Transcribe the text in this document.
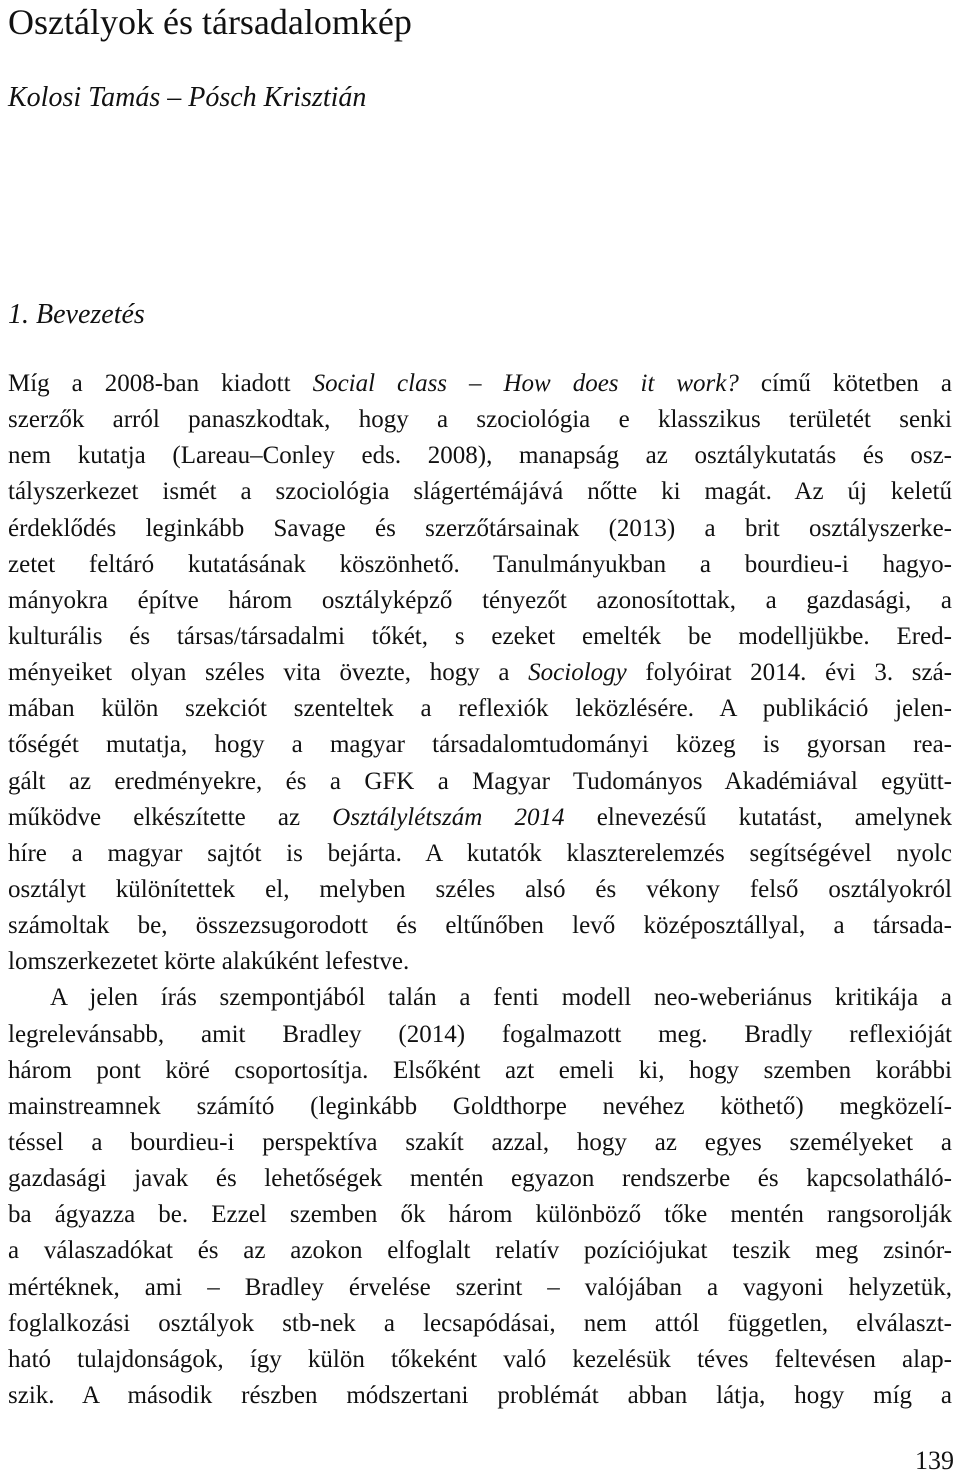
Osztályok és társadalomkép
Kolosi Tamás – Pósch Krisztián
1. Bevezetés
Míg a 2008-ban kiadott Social class – How does it work? című kötetben a
szerzők arról panaszkodtak, hogy a szociológia e klasszikus területét senki
nem kutatja (Lareau–Conley eds. 2008), manapság az osztálykutatás és osz-
tályszerkezet ismét a szociológia slágertémájává nőtte ki magát. Az új keletű
érdeklődés leginkább Savage és szerzőtársainak (2013) a brit osztályszerke-
zetet feltáró kutatásának köszönhető. Tanulmányukban a bourdieu-i hagyo-
mányokra építve három osztályképző tényezőt azonosítottak, a gazdasági, a
kulturális és társas/társadalmi tőkét, s ezeket emelték be modelljükbe. Ered-
ményeiket olyan széles vita övezte, hogy a Sociology folyóirat 2014. évi 3. szá-
mában külön szekciót szenteltek a reflexiók leközlésére. A publikáció jelen-
tőségét mutatja, hogy a magyar társadalomtudományi közeg is gyorsan rea-
gált az eredményekre, és a GFK a Magyar Tudományos Akadémiával együtt-
működve elkészítette az Osztálylétszám 2014 elnevezésű kutatást, amelynek
híre a magyar sajtót is bejárta. A kutatók klaszterelemzés segítségével nyolc
osztályt különítettek el, melyben széles alsó és vékony felső osztályokról
számoltak be, összezsugorodott és eltűnőben levő középosztállyal, a társada-
lomszerkezetet körte alakúként lefestve.
A jelen írás szempontjából talán a fenti modell neo-weberiánus kritikája a
legrelevánsabb, amit Bradley (2014) fogalmazott meg. Bradly reflexióját
három pont köré csoportosítja. Elsőként azt emeli ki, hogy szemben korábbi
mainstreamnek számító (leginkább Goldthorpe nevéhez köthető) megközelí-
téssel a bourdieu-i perspektíva szakít azzal, hogy az egyes személyeket a
gazdasági javak és lehetőségek mentén egyazon rendszerbe és kapcsolatháló-
ba ágyazza be. Ezzel szemben ők három különböző tőke mentén rangsorolják
a válaszadókat és az azokon elfoglalt relatív pozíciójukat teszik meg zsinór-
mértéknek, ami – Bradley érvelése szerint – valójában a vagyoni helyzetük,
foglalkozási osztályok stb-nek a lecsapódásai, nem attól független, elválaszt-
ható tulajdonságok, így külön tőkeként való kezelésük téves feltevésen alap-
szik. A második részben módszertani problémát abban látja, hogy míg a
139
